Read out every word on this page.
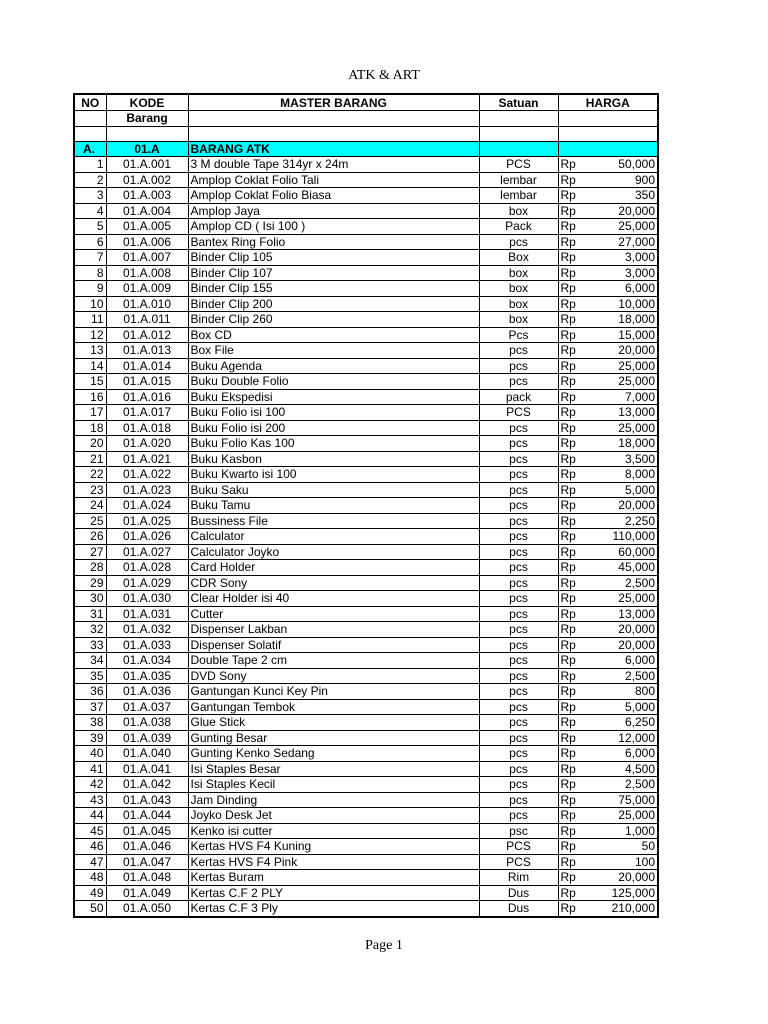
ATK & ART
NO	KODE	MASTER BARANG	Satuan	HARGA	
	Barang				

A.	01.A	BARANG ATK			
1	01.A.001	3 M double Tape 314yr x 24m	PCS	Rp	50,000
2	01.A.002	Amplop Coklat Folio Tali	lembar	Rp	900
3	01.A.003	Amplop Coklat Folio Biasa	lembar	Rp	350
4	01.A.004	Amplop Jaya	box	Rp	20,000
5	01.A.005	Amplop CD ( Isi 100 )	Pack	Rp	25,000
6	01.A.006	Bantex Ring Folio	pcs	Rp	27,000
7	01.A.007	Binder Clip 105	Box	Rp	3,000
8	01.A.008	Binder Clip 107	box	Rp	3,000
9	01.A.009	Binder Clip 155	box	Rp	6,000
10	01.A.010	Binder Clip 200	box	Rp	10,000
11	01.A.011	Binder Clip 260	box	Rp	18,000
12	01.A.012	Box CD	Pcs	Rp	15,000
13	01.A.013	Box File	pcs	Rp	20,000
14	01.A.014	Buku Agenda	pcs	Rp	25,000
15	01.A.015	Buku Double Folio	pcs	Rp	25,000
16	01.A.016	Buku Ekspedisi	pack	Rp	7,000
17	01.A.017	Buku Folio isi 100	PCS	Rp	13,000
18	01.A.018	Buku Folio isi 200	pcs	Rp	25,000
20	01.A.020	Buku Folio Kas 100	pcs	Rp	18,000
21	01.A.021	Buku Kasbon	pcs	Rp	3,500
22	01.A.022	Buku Kwarto isi 100	pcs	Rp	8,000
23	01.A.023	Buku Saku	pcs	Rp	5,000
24	01.A.024	Buku Tamu	pcs	Rp	20,000
25	01.A.025	Bussiness File	pcs	Rp	2,250
26	01.A.026	Calculator	pcs	Rp	110,000
27	01.A.027	Calculator Joyko	pcs	Rp	60,000
28	01.A.028	Card Holder	pcs	Rp	45,000
29	01.A.029	CDR Sony	pcs	Rp	2,500
30	01.A.030	Clear Holder isi 40	pcs	Rp	25,000
31	01.A.031	Cutter	pcs	Rp	13,000
32	01.A.032	Dispenser Lakban	pcs	Rp	20,000
33	01.A.033	Dispenser Solatif	pcs	Rp	20,000
34	01.A.034	Double Tape 2 cm	pcs	Rp	6,000
35	01.A.035	DVD Sony	pcs	Rp	2,500
36	01.A.036	Gantungan Kunci Key Pin	pcs	Rp	800
37	01.A.037	Gantungan Tembok	pcs	Rp	5,000
38	01.A.038	Glue Stick	pcs	Rp	6,250
39	01.A.039	Gunting Besar	pcs	Rp	12,000
40	01.A.040	Gunting Kenko Sedang	pcs	Rp	6,000
41	01.A.041	Isi Staples Besar	pcs	Rp	4,500
42	01.A.042	Isi Staples Kecil	pcs	Rp	2,500
43	01.A.043	Jam Dinding	pcs	Rp	75,000
44	01.A.044	Joyko Desk Jet	pcs	Rp	25,000
45	01.A.045	Kenko isi cutter	psc	Rp	1,000
46	01.A.046	Kertas HVS F4 Kuning	PCS	Rp	50
47	01.A.047	Kertas HVS F4 Pink	PCS	Rp	100
48	01.A.048	Kertas Buram	Rim	Rp	20,000
49	01.A.049	Kertas C.F 2 PLY	Dus	Rp	125,000
50	01.A.050	Kertas C.F 3 Ply	Dus	Rp	210,000
Page 1
